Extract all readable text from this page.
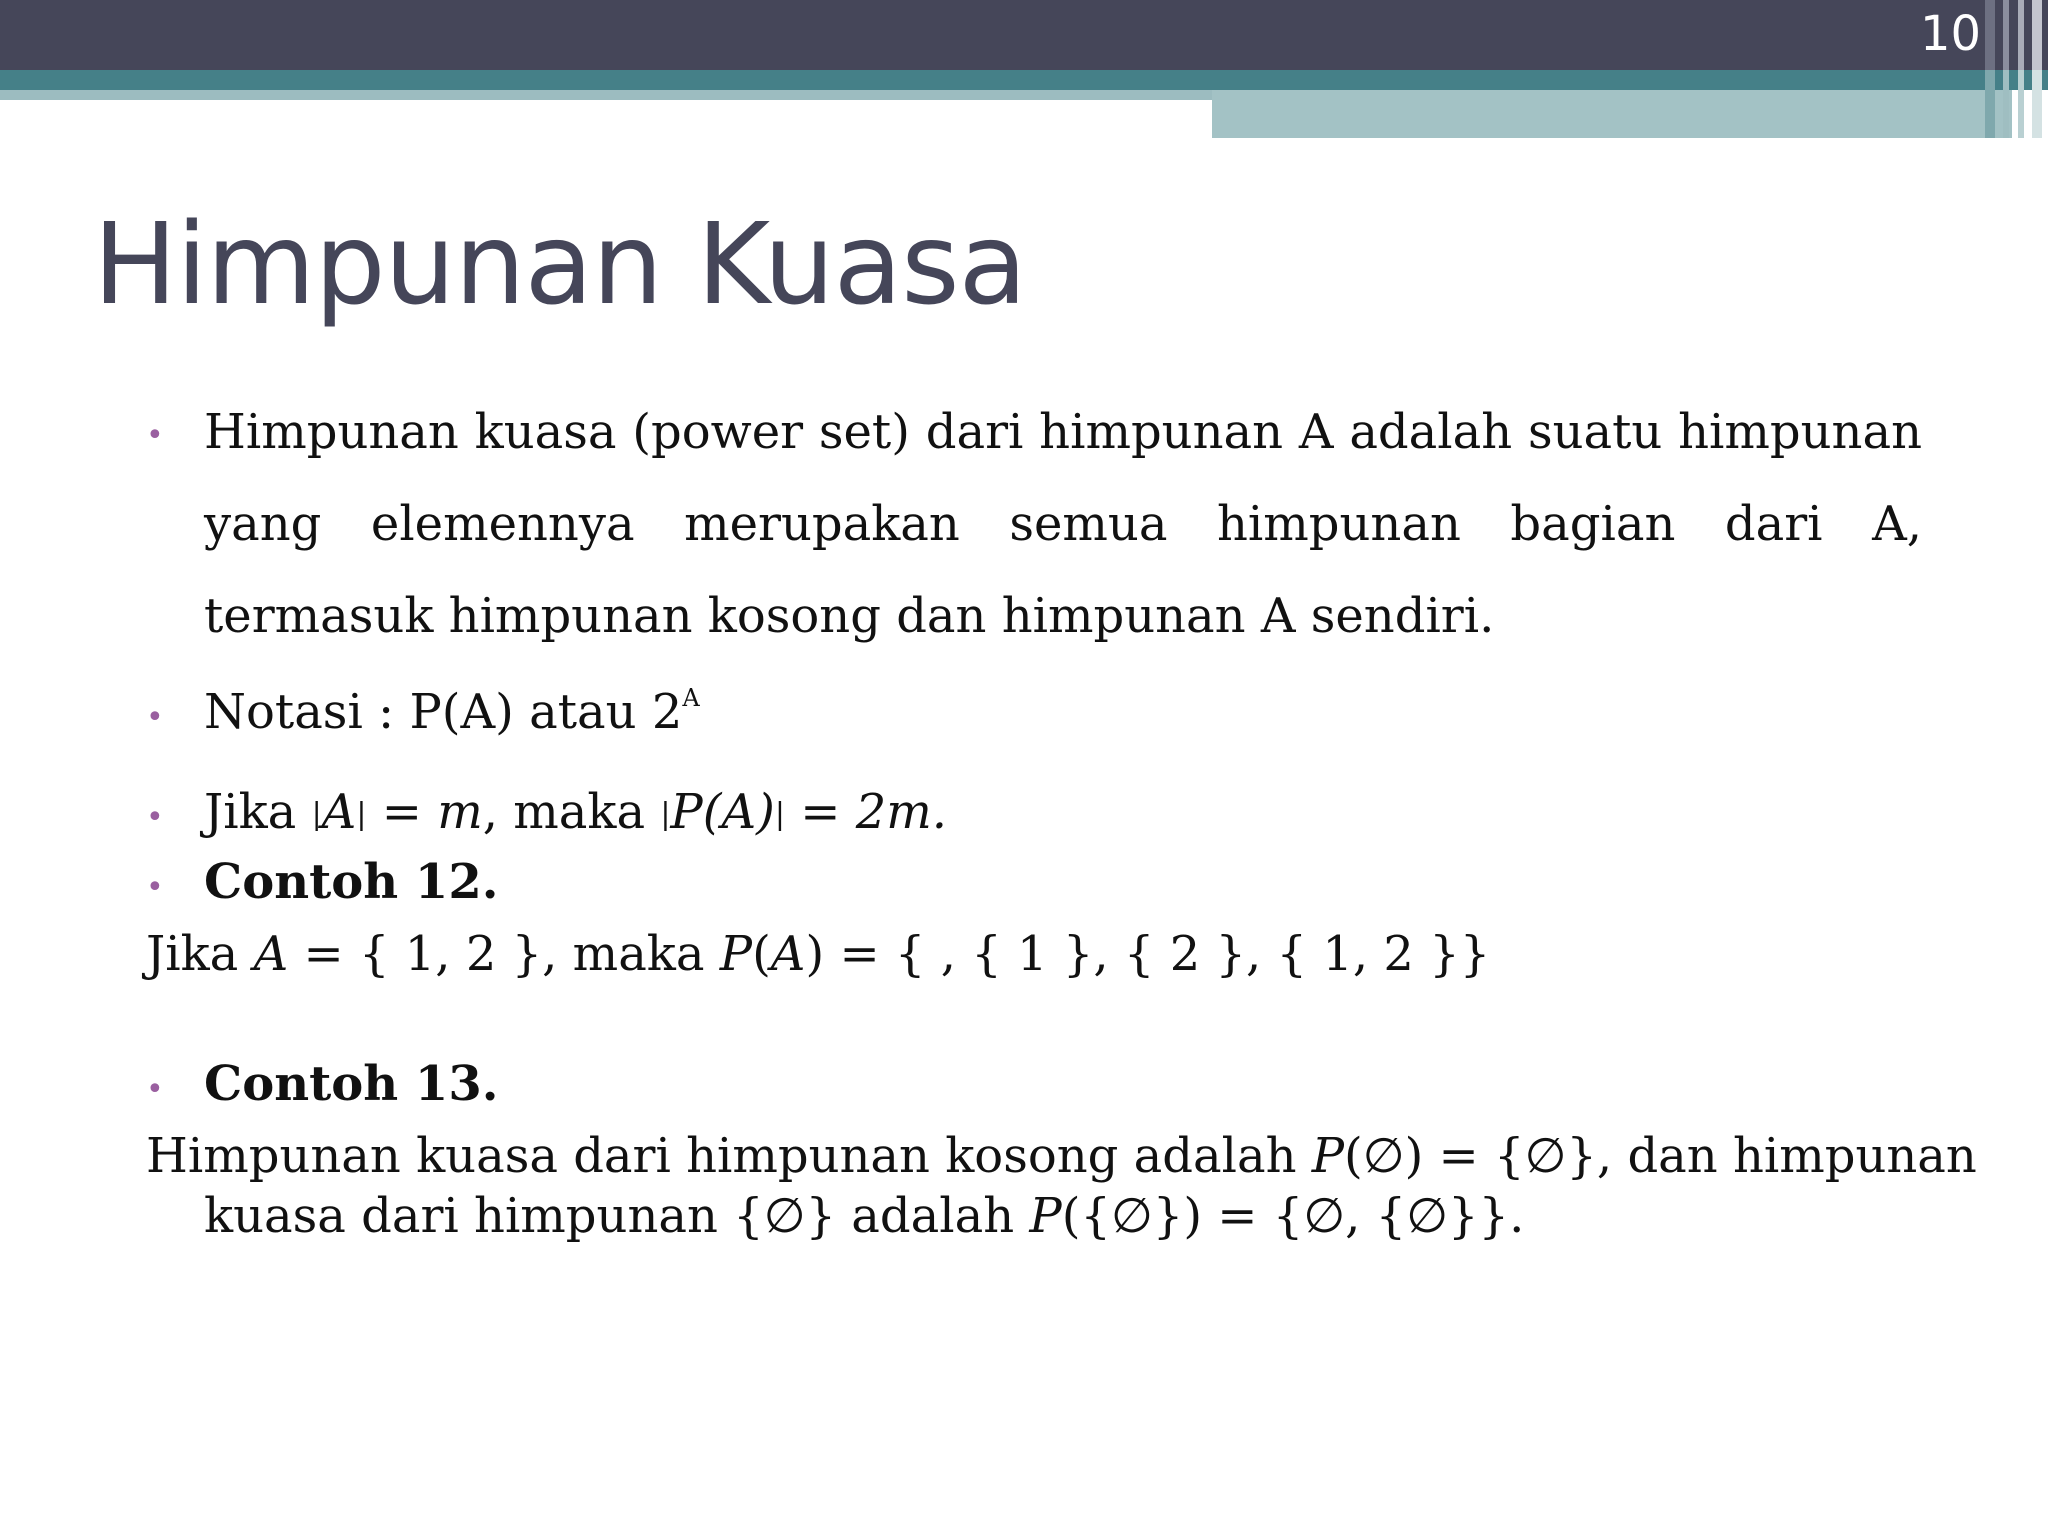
10
Himpunan Kuasa
• Himpunan kuasa (power set) dari himpunan A adalah suatu himpunan yang elemennya merupakan semua himpunan bagian dari A, termasuk himpunan kosong dan himpunan A sendiri.
• Notasi : P(A) atau $2^A$
• Jika |A| = m, maka |P(A)| = 2m.
• Contoh 12.
Jika A = { 1, 2 }, maka P(A) = { , { 1 }, { 2 }, { 1, 2 }}
• Contoh 13.
Himpunan kuasa dari himpunan kosong adalah P(∅) = {∅}, dan himpunan
kuasa dari himpunan {∅} adalah P({∅}) = {∅, {∅}}.
